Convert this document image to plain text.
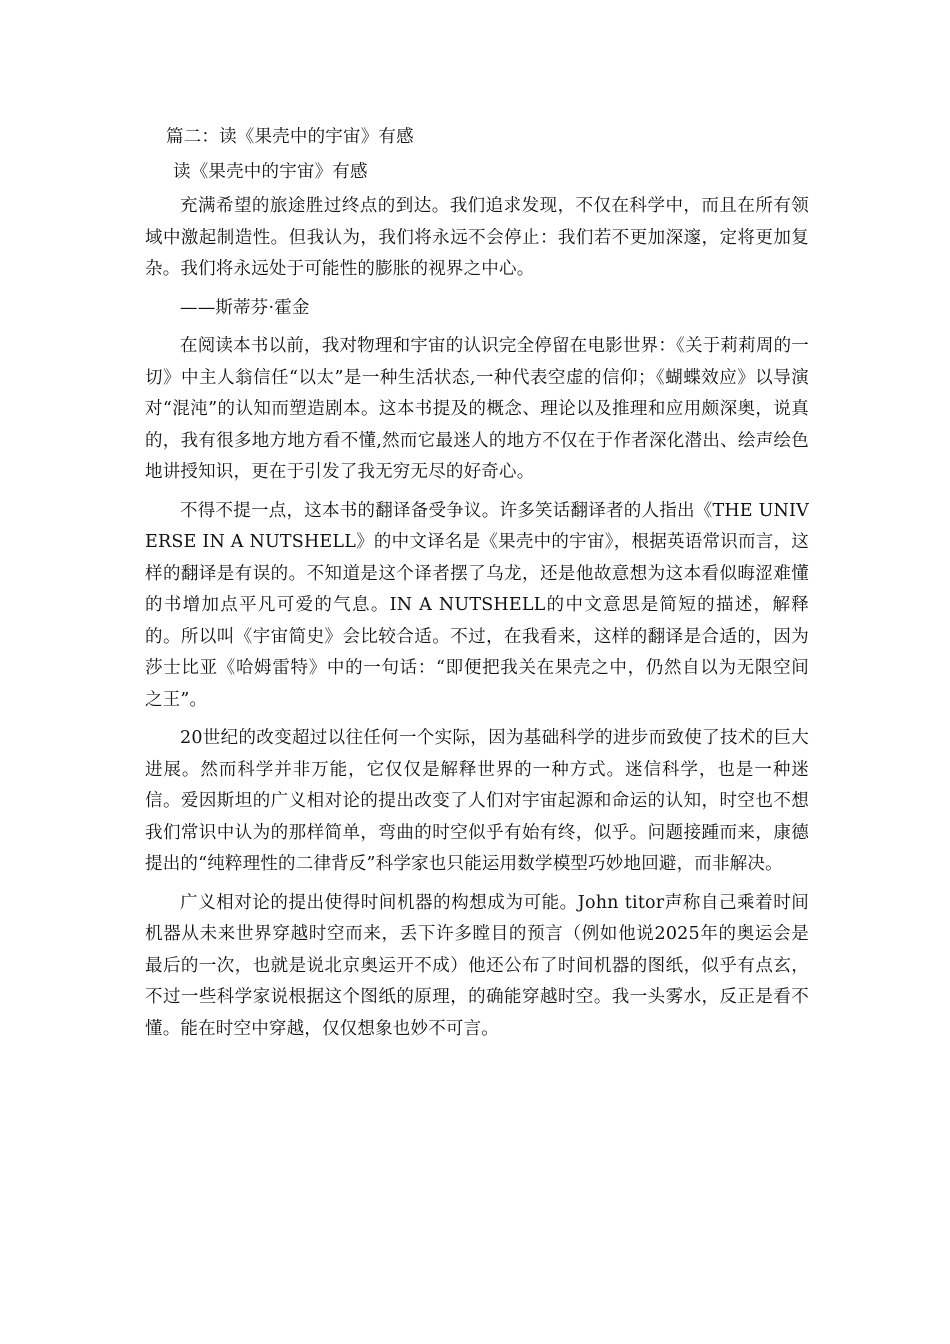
篇二：读《果壳中的宇宙》有感

读《果壳中的宇宙》有感

充满希望的旅途胜过终点的到达。我们追求发现，不仅在科学中，而且在所有领域中激起制造性。但我认为，我们将永远不会停止：我们若不更加深邃，定将更加复杂。我们将永远处于可能性的膨胀的视界之中心。

——斯蒂芬·霍金

在阅读本书以前，我对物理和宇宙的认识完全停留在电影世界：《关于莉莉周的一切》中主人翁信任“以太”是一种生活状态,一种代表空虚的信仰；《蝴蝶效应》以导演对“混沌”的认知而塑造剧本。这本书提及的概念、理论以及推理和应用颇深奥，说真的，我有很多地方地方看不懂,然而它最迷人的地方不仅在于作者深化潜出、绘声绘色地讲授知识，更在于引发了我无穷无尽的好奇心。

不得不提一点，这本书的翻译备受争议。许多笑话翻译者的人指出《THE UNIVERSE IN A NUTSHELL》的中文译名是《果壳中的宇宙》，根据英语常识而言，这样的翻译是有误的。不知道是这个译者摆了乌龙，还是他故意想为这本看似晦涩难懂的书增加点平凡可爱的气息。IN A NUTSHELL的中文意思是简短的描述，解释的。所以叫《宇宙简史》会比较合适。不过，在我看来，这样的翻译是合适的，因为莎士比亚《哈姆雷特》中的一句话：“即便把我关在果壳之中，仍然自以为无限空间之王”。

20世纪的改变超过以往任何一个实际，因为基础科学的进步而致使了技术的巨大进展。然而科学并非万能，它仅仅是解释世界的一种方式。迷信科学，也是一种迷信。爱因斯坦的广义相对论的提出改变了人们对宇宙起源和命运的认知，时空也不想我们常识中认为的那样简单，弯曲的时空似乎有始有终，似乎。问题接踵而来，康德提出的“纯粹理性的二律背反”科学家也只能运用数学模型巧妙地回避，而非解决。

广义相对论的提出使得时间机器的构想成为可能。John titor声称自己乘着时间机器从未来世界穿越时空而来，丢下许多瞠目的预言（例如他说2025年的奥运会是最后的一次，也就是说北京奥运开不成）他还公布了时间机器的图纸，似乎有点玄，不过一些科学家说根据这个图纸的原理，的确能穿越时空。我一头雾水，反正是看不懂。能在时空中穿越，仅仅想象也妙不可言。
